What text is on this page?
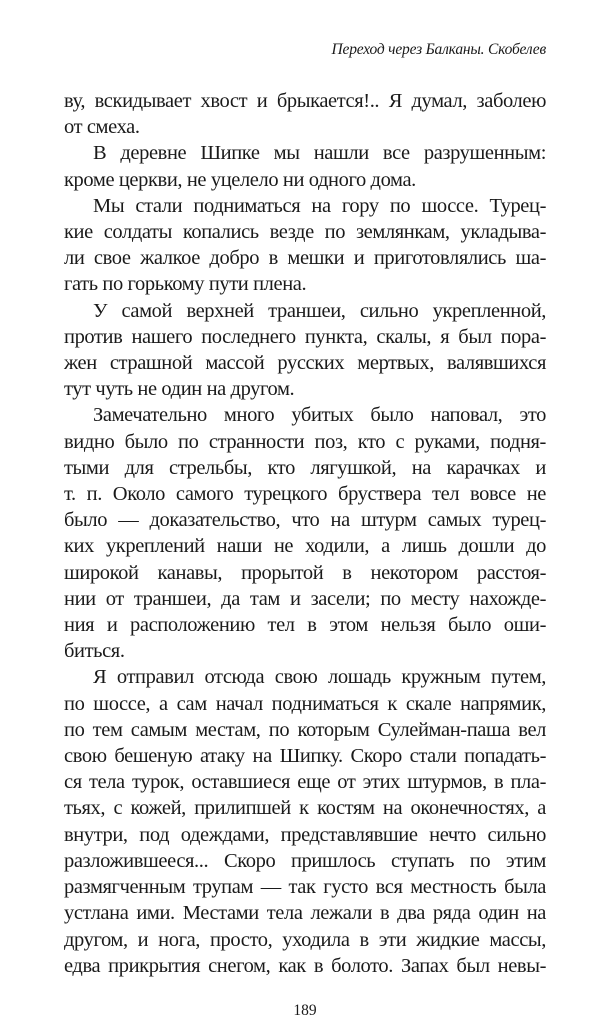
Переход через Балканы. Скобелев
ву, вскидывает хвост и брыкается!.. Я думал, заболею
от смеха.
В деревне Шипке мы нашли все разрушенным:
кроме церкви, не уцелело ни одного дома.
Мы стали подниматься на гору по шоссе. Турец-
кие солдаты копались везде по землянкам, укладыва-
ли свое жалкое добро в мешки и приготовлялись ша-
гать по горькому пути плена.
У самой верхней траншеи, сильно укрепленной,
против нашего последнего пункта, скалы, я был пора-
жен страшной массой русских мертвых, валявшихся
тут чуть не один на другом.
Замечательно много убитых было наповал, это
видно было по странности поз, кто с руками, подня-
тыми для стрельбы, кто лягушкой, на карачках и
т. п. Около самого турецкого бруствера тел вовсе не
было — доказательство, что на штурм самых турец-
ких укреплений наши не ходили, а лишь дошли до
широкой канавы, прорытой в некотором расстоя-
нии от траншеи, да там и засели; по месту нахожде-
ния и расположению тел в этом нельзя было оши-
биться.
Я отправил отсюда свою лошадь кружным путем,
по шоссе, а сам начал подниматься к скале напрямик,
по тем самым местам, по которым Сулейман-паша вел
свою бешеную атаку на Шипку. Скоро стали попадать-
ся тела турок, оставшиеся еще от этих штурмов, в пла-
тьях, с кожей, прилипшей к костям на оконечностях, а
внутри, под одеждами, представлявшие нечто сильно
разложившееся... Скоро пришлось ступать по этим
размягченным трупам — так густо вся местность была
устлана ими. Местами тела лежали в два ряда один на
другом, и нога, просто, уходила в эти жидкие массы,
едва прикрытия снегом, как в болото. Запах был невы-
189
